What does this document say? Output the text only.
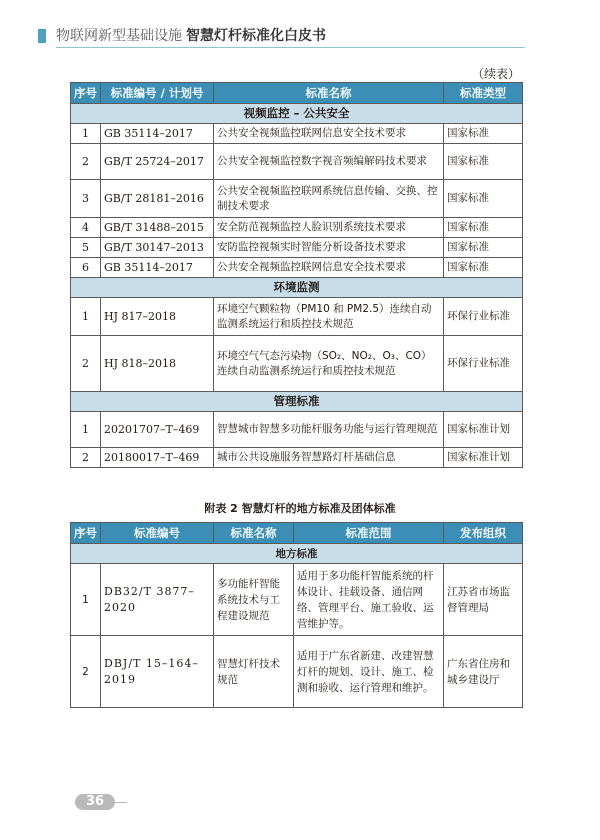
物联网新型基础设施 智慧灯杆标准化白皮书
（续表）
序号	标准编号 / 计划号	标准名称	标准类型
视频监控 – 公共安全			
1	GB 35114–2017	公共安全视频监控联网信息安全技术要求	国家标准
2	GB/T 25724–2017	公共安全视频监控数字视音频编解码技术要求	国家标准
3	GB/T 28181–2016	公共安全视频监控联网系统信息传输、交换、控制技术要求	国家标准
4	GB/T 31488–2015	安全防范视频监控人脸识别系统技术要求	国家标准
5	GB/T 30147–2013	安防监控视频实时智能分析设备技术要求	国家标准
6	GB 35114–2017	公共安全视频监控联网信息安全技术要求	国家标准
环境监测			
1	HJ 817–2018	环境空气颗粒物（PM10 和 PM2.5）连续自动监测系统运行和质控技术规范	环保行业标准
2	HJ 818–2018	环境空气气态污染物（SO₂、NO₂、O₃、CO）连续自动监测系统运行和质控技术规范	环保行业标准
管理标准			
1	20201707–T–469	智慧城市智慧多功能杆服务功能与运行管理规范	国家标准计划
2	20180017–T–469	城市公共设施服务智慧路灯杆基础信息	国家标准计划
附表 2 智慧灯杆的地方标准及团体标准
序号	标准编号	标准名称	标准范围	发布组织
地方标准				
1	DB32/T 3877–2020	多功能杆智能系统技术与工程建设规范	适用于多功能杆智能系统的杆体设计、挂载设备、通信网络、管理平台、施工验收、运营维护等。	江苏省市场监督管理局
2	DBJ/T 15–164–2019	智慧灯杆技术规范	适用于广东省新建、改建智慧灯杆的规划、设计、施工、检测和验收、运行管理和维护。	广东省住房和城乡建设厅
36
